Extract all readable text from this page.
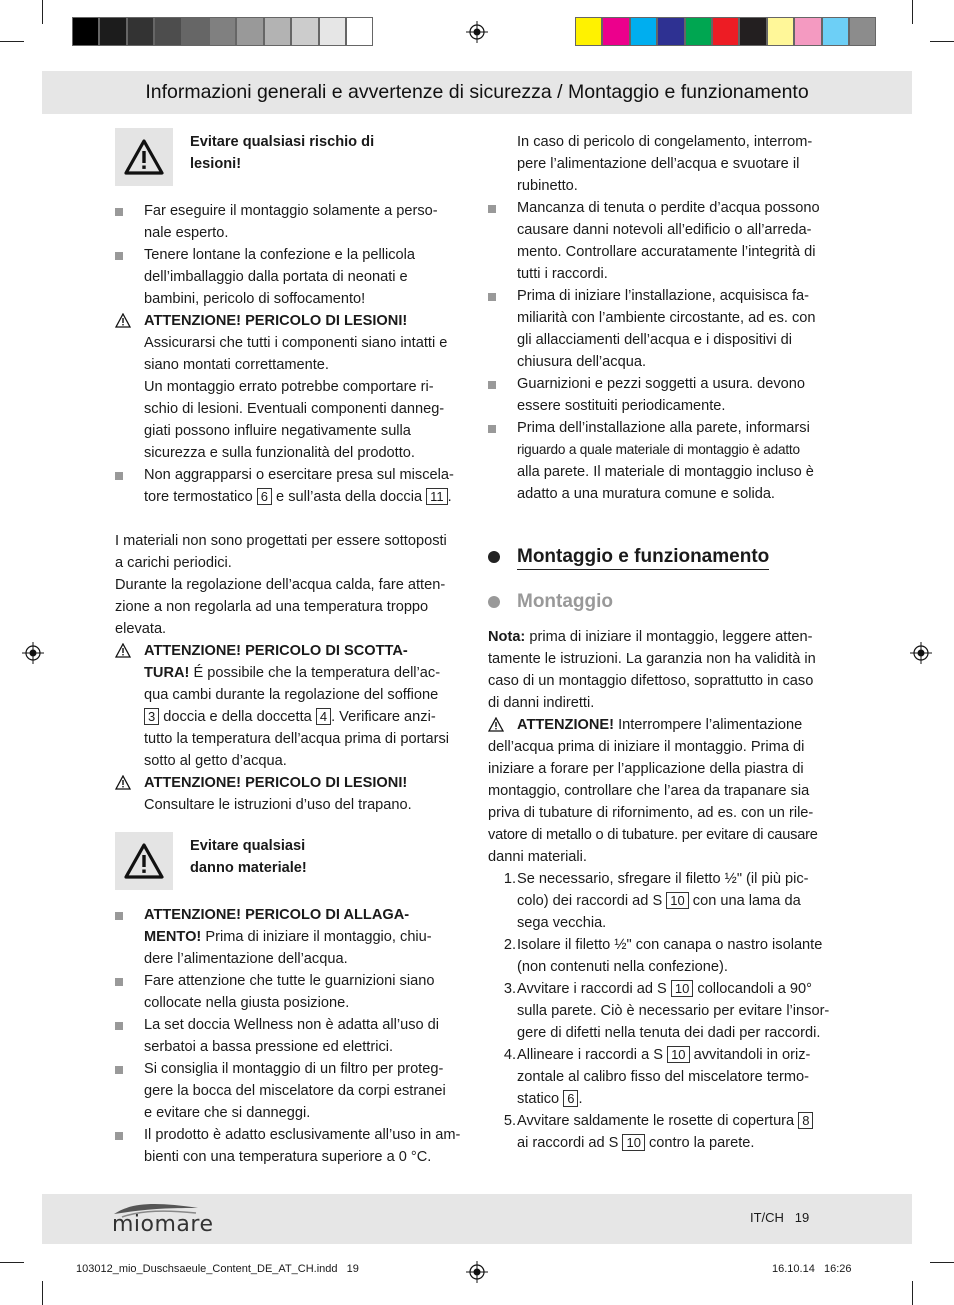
Informazioni generali e avvertenze di sicurezza / Montaggio e funzionamento
Evitare qualsiasi rischio di lesioni!

Far eseguire il montaggio solamente a perso-

nale esperto.

Tenere lontane la confezione e la pellicola

dell’imballaggio dalla portata di neonati e

bambini, pericolo di soffocamento!

ATTENZIONE! PERICOLO DI LESIONI!

Assicurarsi che tutti i componenti siano intatti e

siano montati correttamente.

Un montaggio errato potrebbe comportare ri-

schio di lesioni. Eventuali componenti danneg-

giati possono influire negativamente sulla

sicurezza e sulla funzionalità del prodotto.

Non aggrapparsi o esercitare presa sul miscela-

tore termostatico 6 e sull’asta della doccia 11 .

I materiali non sono progettati per essere sottoposti

a carichi periodici.

Durante la regolazione dell’acqua calda, fare atten-

zione a non regolarla ad una temperatura troppo

elevata.

ATTENZIONE! PERICOLO DI SCOTTA-

TURA! É possibile che la temperatura dell’ac-

qua cambi durante la regolazione del soffione

3 doccia e della doccetta 4 . Verificare anzi-

tutto la temperatura dell’acqua prima di portarsi

sotto al getto d’acqua.

ATTENZIONE! PERICOLO DI LESIONI!

Consultare le istruzioni d’uso del trapano.

Evitare qualsiasi danno materiale!

ATTENZIONE! PERICOLO DI ALLAGA-

MENTO! Prima di iniziare il montaggio, chiu-

dere l’alimentazione dell’acqua.

Fare attenzione che tutte le guarnizioni siano

collocate nella giusta posizione.

La set doccia Wellness non è adatta all’uso di

serbatoi a bassa pressione ed elettrici.

Si consiglia il montaggio di un filtro per proteg-

gere la bocca del miscelatore da corpi estranei

e evitare che si danneggi.

Il prodotto è adatto esclusivamente all’uso in am-

bienti con una temperatura superiore a 0 °C.

In caso di pericolo di congelamento, interrom-

pere l’alimentazione dell’acqua e svuotare il

rubinetto.

Mancanza di tenuta o perdite d’acqua possono

causare danni notevoli all’edificio o all’arreda-

mento. Controllare accuratamente l’integrità di

tutti i raccordi.

Prima di iniziare l’installazione, acquisisca fa-

miliarità con l’ambiente circostante, ad es. con

gli allacciamenti dell’acqua e i dispositivi di

chiusura dell’acqua.

Guarnizioni e pezzi soggetti a usura. devono

essere sostituiti periodicamente.

Prima dell’installazione alla parete, informarsi

riguardo a quale materiale di montaggio è adatto

alla parete. Il materiale di montaggio incluso è

adatto a una muratura comune e solida.

Montaggio e funzionamento
Montaggio

Nota: prima di iniziare il montaggio, leggere atten-

tamente le istruzioni. La garanzia non ha validità in

caso di un montaggio difettoso, soprattutto in caso

di danni indiretti.

ATTENZIONE! Interrompere l’alimentazione

dell’acqua prima di iniziare il montaggio. Prima di

iniziare a forare per l’applicazione della piastra di

montaggio, controllare che l’area da trapanare sia

priva di tubature di rifornimento, ad es. con un rile-

vatore di metallo o di tubature. per evitare di causare

danni materiali.

1. Se necessario, sfregare il filetto ½" (il più pic-

colo) dei raccordi ad S 10 con una lama da

sega vecchia.

2. Isolare il filetto ½" con canapa o nastro isolante

(non contenuti nella confezione).

3. Avvitare i raccordi ad S 10 collocandoli a 90°

sulla parete. Ciò è necessario per evitare l’insor-

gere di difetti nella tenuta dei dadi per raccordi.

4. Allineare i raccordi a S 10 avvitandoli in oriz-

zontale al calibro fisso del miscelatore termo-

statico 6 .

5. Avvitare saldamente le rosette di copertura 8

ai raccordi ad S 10 contro la parete.

miomare	IT/CH   19
103012_mio_Duschsaeule_Content_DE_AT_CH.indd   19	16.10.14   16:26
